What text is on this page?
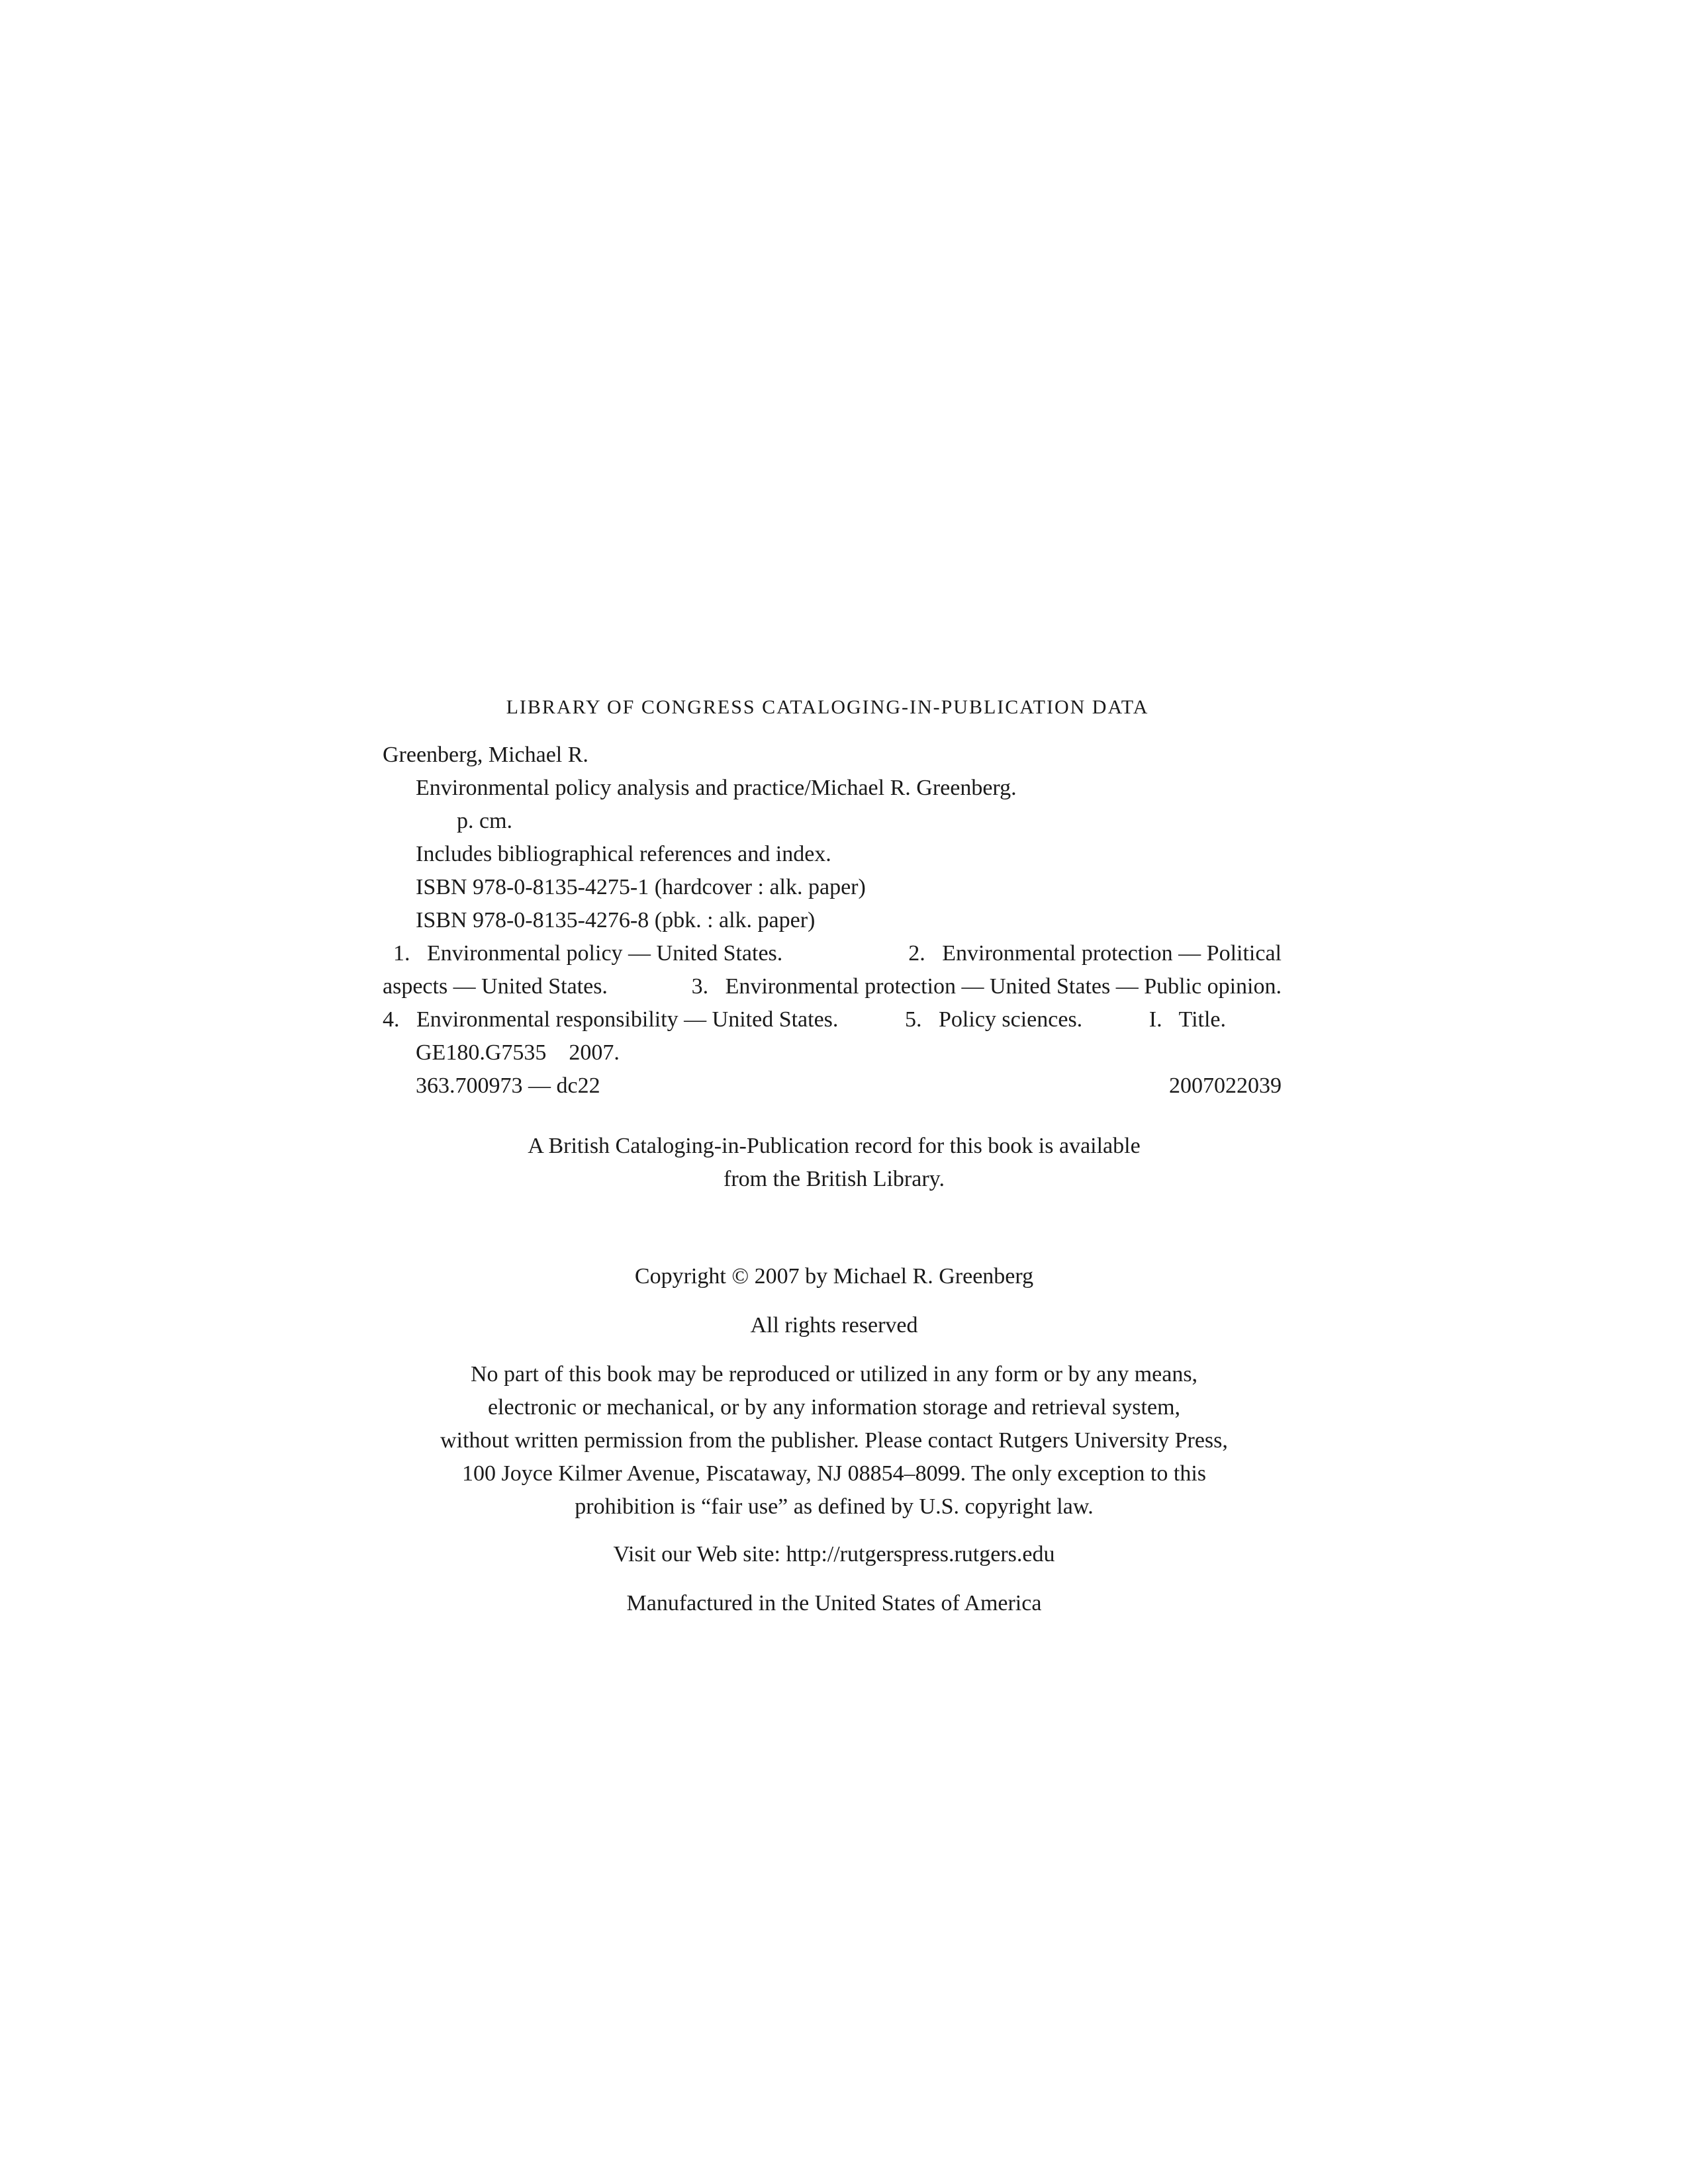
LIBRARY OF CONGRESS CATALOGING-IN-PUBLICATION DATA
Greenberg, Michael R.
Environmental policy analysis and practice/Michael R. Greenberg.
p. cm.
Includes bibliographical references and index.
ISBN 978-0-8135-4275-1 (hardcover : alk. paper)
ISBN 978-0-8135-4276-8 (pbk. : alk. paper)
1.   Environmental policy — United States.	2.   Environmental protection — Political
aspects — United States.	3.   Environmental protection — United States — Public opinion.
4.   Environmental responsibility — United States.	5.   Policy sciences.	I.   Title.
GE180.G7535    2007.
363.700973 — dc22	2007022039
A British Cataloging-in-Publication record for this book is available
from the British Library.
Copyright © 2007 by Michael R. Greenberg
All rights reserved
No part of this book may be reproduced or utilized in any form or by any means,
electronic or mechanical, or by any information storage and retrieval system,
without written permission from the publisher. Please contact Rutgers University Press,
100 Joyce Kilmer Avenue, Piscataway, NJ 08854–8099. The only exception to this
prohibition is “fair use” as defined by U.S. copyright law.
Visit our Web site: http://rutgerspress.rutgers.edu
Manufactured in the United States of America
